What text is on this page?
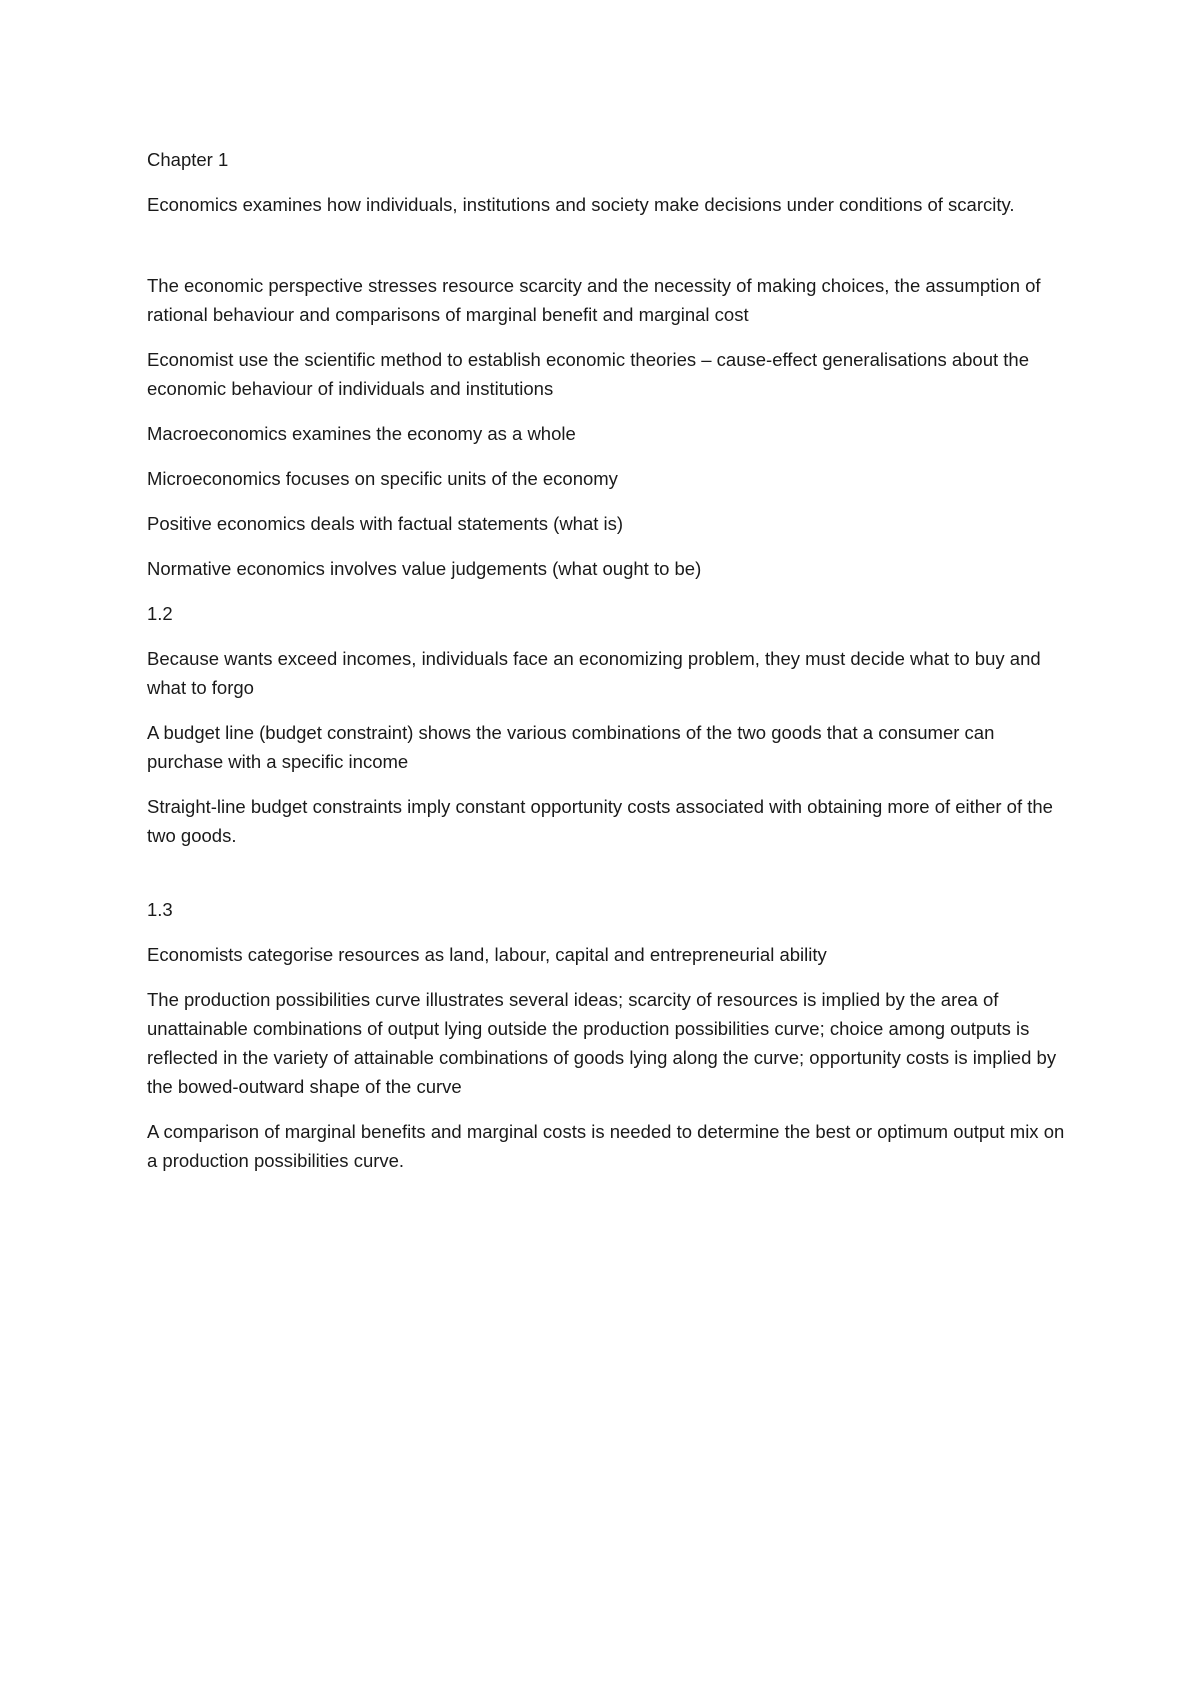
Chapter 1

Economics examines how individuals, institutions and society make decisions under conditions of scarcity.

The economic perspective stresses resource scarcity and the necessity of making choices, the assumption of rational behaviour and comparisons of marginal benefit and marginal cost

Economist use the scientific method to establish economic theories – cause-effect generalisations about the economic behaviour of individuals and institutions

Macroeconomics examines the economy as a whole

Microeconomics focuses on specific units of the economy

Positive economics deals with factual statements (what is)

Normative economics involves value judgements (what ought to be)

1.2

Because wants exceed incomes, individuals face an economizing problem, they must decide what to buy and what to forgo

A budget line (budget constraint) shows the various combinations of the two goods that a consumer can purchase with a specific income

Straight-line budget constraints imply constant opportunity costs associated with obtaining more of either of the two goods.

1.3

Economists categorise resources as land, labour, capital and entrepreneurial ability

The production possibilities curve illustrates several ideas; scarcity of resources is implied by the area of unattainable combinations of output lying outside the production possibilities curve; choice among outputs is reflected in the variety of attainable combinations of goods lying along the curve; opportunity costs is implied by the bowed-outward shape of the curve

A comparison of marginal benefits and marginal costs is needed to determine the best or optimum output mix on a production possibilities curve.
